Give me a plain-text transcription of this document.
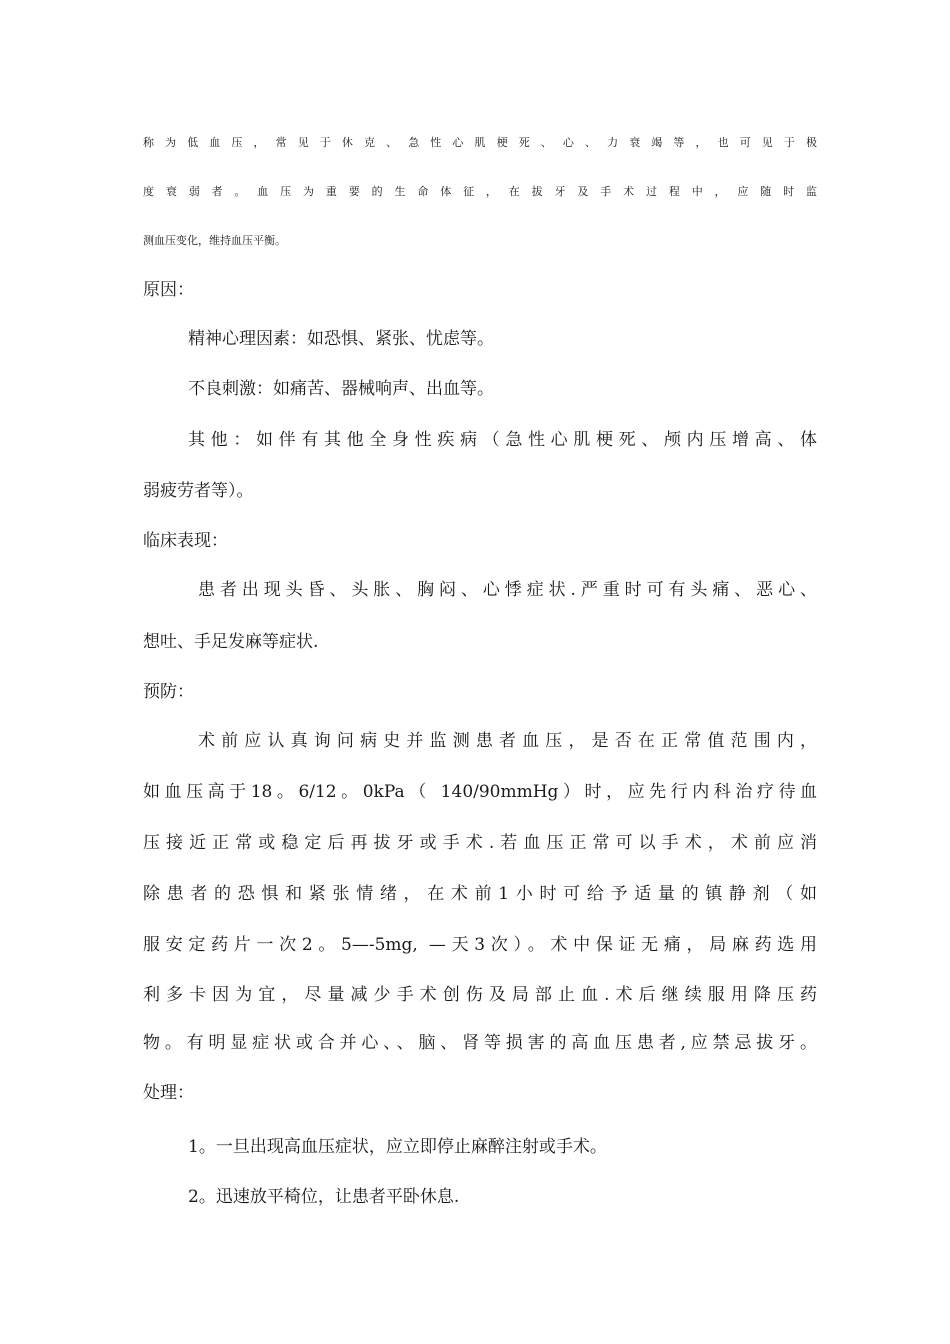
称为低血压，常见于休克、急性心肌梗死、心、力衰竭等，也可见于极
度衰弱者。血压为重要的生命体征，在拔牙及手术过程中，应随时监
测血压变化，维持血压平衡。
原因：
精神心理因素：如恐惧、紧张、忧虑等。
不良刺激：如痛苦、器械响声、出血等。
其他：如伴有其他全身性疾病（急性心肌梗死、颅内压增高、体
弱疲劳者等）。
临床表现：
患者出现头昏、头胀、胸闷、心悸症状.严重时可有头痛、恶心、
想吐、手足发麻等症状.
预防：
术前应认真询问病史并监测患者血压，是否在正常值范围内，
如血压高于18。6/12。0kPa（ 140/90mmHg）时，应先行内科治疗待血
压接近正常或稳定后再拔牙或手术.若血压正常可以手术，术前应消
除患者的恐惧和紧张情绪，在术前1小时可给予适量的镇静剂（如
服安定药片一次2。5—-5mg, —天3次）。术中保证无痛，局麻药选用
利多卡因为宜，尽量减少手术创伤及局部止血.术后继续服用降压药
物。有明显症状或合并心、、脑、肾等损害的高血压患者,应禁忌拔牙。
处理：
1。一旦出现高血压症状，应立即停止麻醉注射或手术。
2。迅速放平椅位，让患者平卧休息.
